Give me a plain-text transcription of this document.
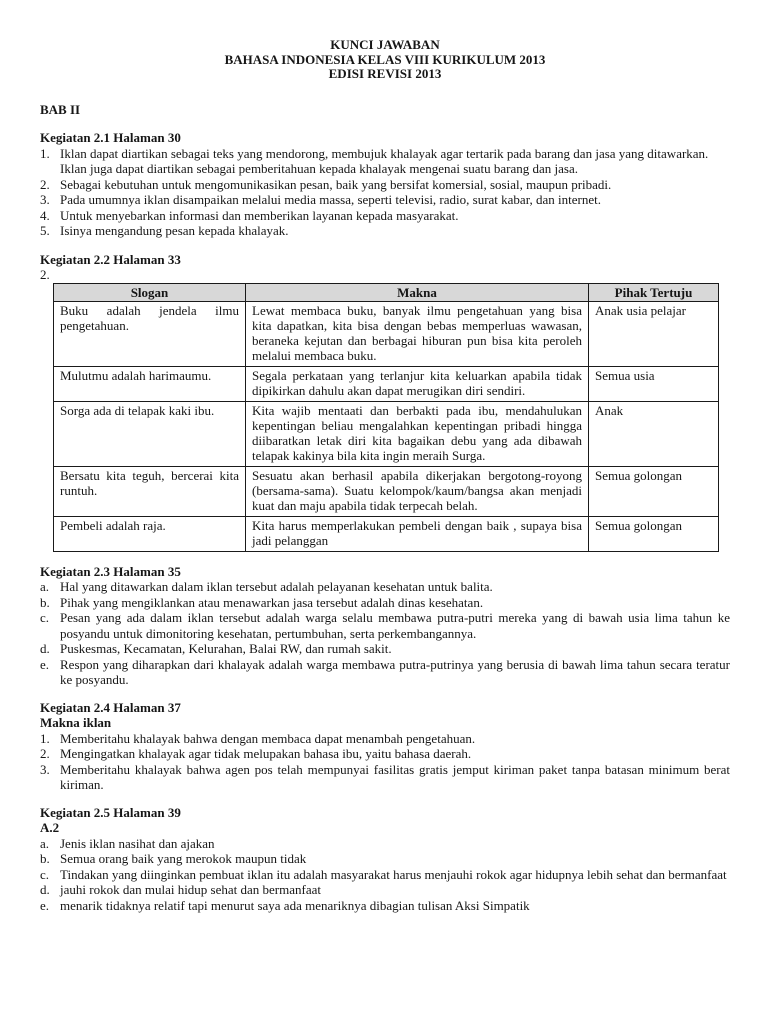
KUNCI JAWABAN
BAHASA INDONESIA KELAS VIII KURIKULUM 2013
EDISI REVISI 2013
BAB II
Kegiatan 2.1 Halaman 30
1. Iklan dapat diartikan sebagai teks yang mendorong, membujuk khalayak agar tertarik pada barang dan jasa yang ditawarkan.
Iklan juga dapat diartikan sebagai pemberitahuan kepada khalayak mengenai suatu barang dan jasa.
2. Sebagai kebutuhan untuk mengomunikasikan pesan, baik yang bersifat komersial, sosial, maupun pribadi.
3. Pada umumnya iklan disampaikan melalui media massa, seperti televisi, radio, surat kabar, dan internet.
4. Untuk menyebarkan informasi dan memberikan layanan kepada masyarakat.
5. Isinya mengandung pesan kepada khalayak.
Kegiatan 2.2 Halaman 33
2.
Slogan	Makna	Pihak Tertuju
Buku adalah jendela ilmu pengetahuan.	Lewat membaca buku, banyak ilmu pengetahuan yang bisa kita dapatkan, kita bisa dengan bebas memperluas wawasan, beraneka kejutan dan berbagai hiburan pun bisa kita peroleh melalui membaca buku.	Anak usia pelajar
Mulutmu adalah harimaumu.	Segala perkataan yang terlanjur kita keluarkan apabila tidak dipikirkan dahulu akan dapat merugikan diri sendiri.	Semua usia
Sorga ada di telapak kaki ibu.	Kita wajib mentaati dan berbakti pada ibu, mendahulukan kepentingan beliau mengalahkan kepentingan pribadi hingga diibaratkan letak diri kita bagaikan debu yang ada dibawah telapak kakinya bila kita ingin meraih Surga.	Anak
Bersatu kita teguh, bercerai kita runtuh.	Sesuatu akan berhasil apabila dikerjakan bergotong-royong (bersama-sama). Suatu kelompok/kaum/bangsa akan menjadi kuat dan maju apabila tidak terpecah belah.	Semua golongan
Pembeli adalah raja.	Kita harus memperlakukan pembeli dengan baik , supaya bisa jadi pelanggan	Semua golongan
Kegiatan 2.3 Halaman 35
a. Hal yang ditawarkan dalam iklan tersebut adalah pelayanan kesehatan untuk balita.
b. Pihak yang mengiklankan atau menawarkan jasa tersebut adalah dinas kesehatan.
c. Pesan yang ada dalam iklan tersebut adalah warga selalu membawa putra-putri mereka yang di bawah usia lima tahun ke posyandu untuk dimonitoring kesehatan, pertumbuhan, serta perkembangannya.
d. Puskesmas, Kecamatan, Kelurahan, Balai RW, dan rumah sakit.
e. Respon yang diharapkan dari khalayak adalah warga membawa putra-putrinya yang berusia di bawah lima tahun secara teratur ke posyandu.
Kegiatan 2.4 Halaman 37
Makna iklan
1. Memberitahu khalayak bahwa dengan membaca dapat menambah pengetahuan.
2. Mengingatkan khalayak agar tidak melupakan bahasa ibu, yaitu bahasa daerah.
3. Memberitahu khalayak bahwa agen pos telah mempunyai fasilitas gratis jemput kiriman paket tanpa batasan minimum berat kiriman.
Kegiatan 2.5 Halaman 39
A.2
a. Jenis iklan nasihat dan ajakan
b. Semua orang baik yang merokok maupun tidak
c. Tindakan yang diinginkan pembuat iklan itu adalah masyarakat harus menjauhi rokok agar hidupnya lebih sehat dan bermanfaat
d. jauhi rokok dan mulai hidup sehat dan bermanfaat
e. menarik tidaknya relatif tapi menurut saya ada menariknya dibagian tulisan Aksi Simpatik
